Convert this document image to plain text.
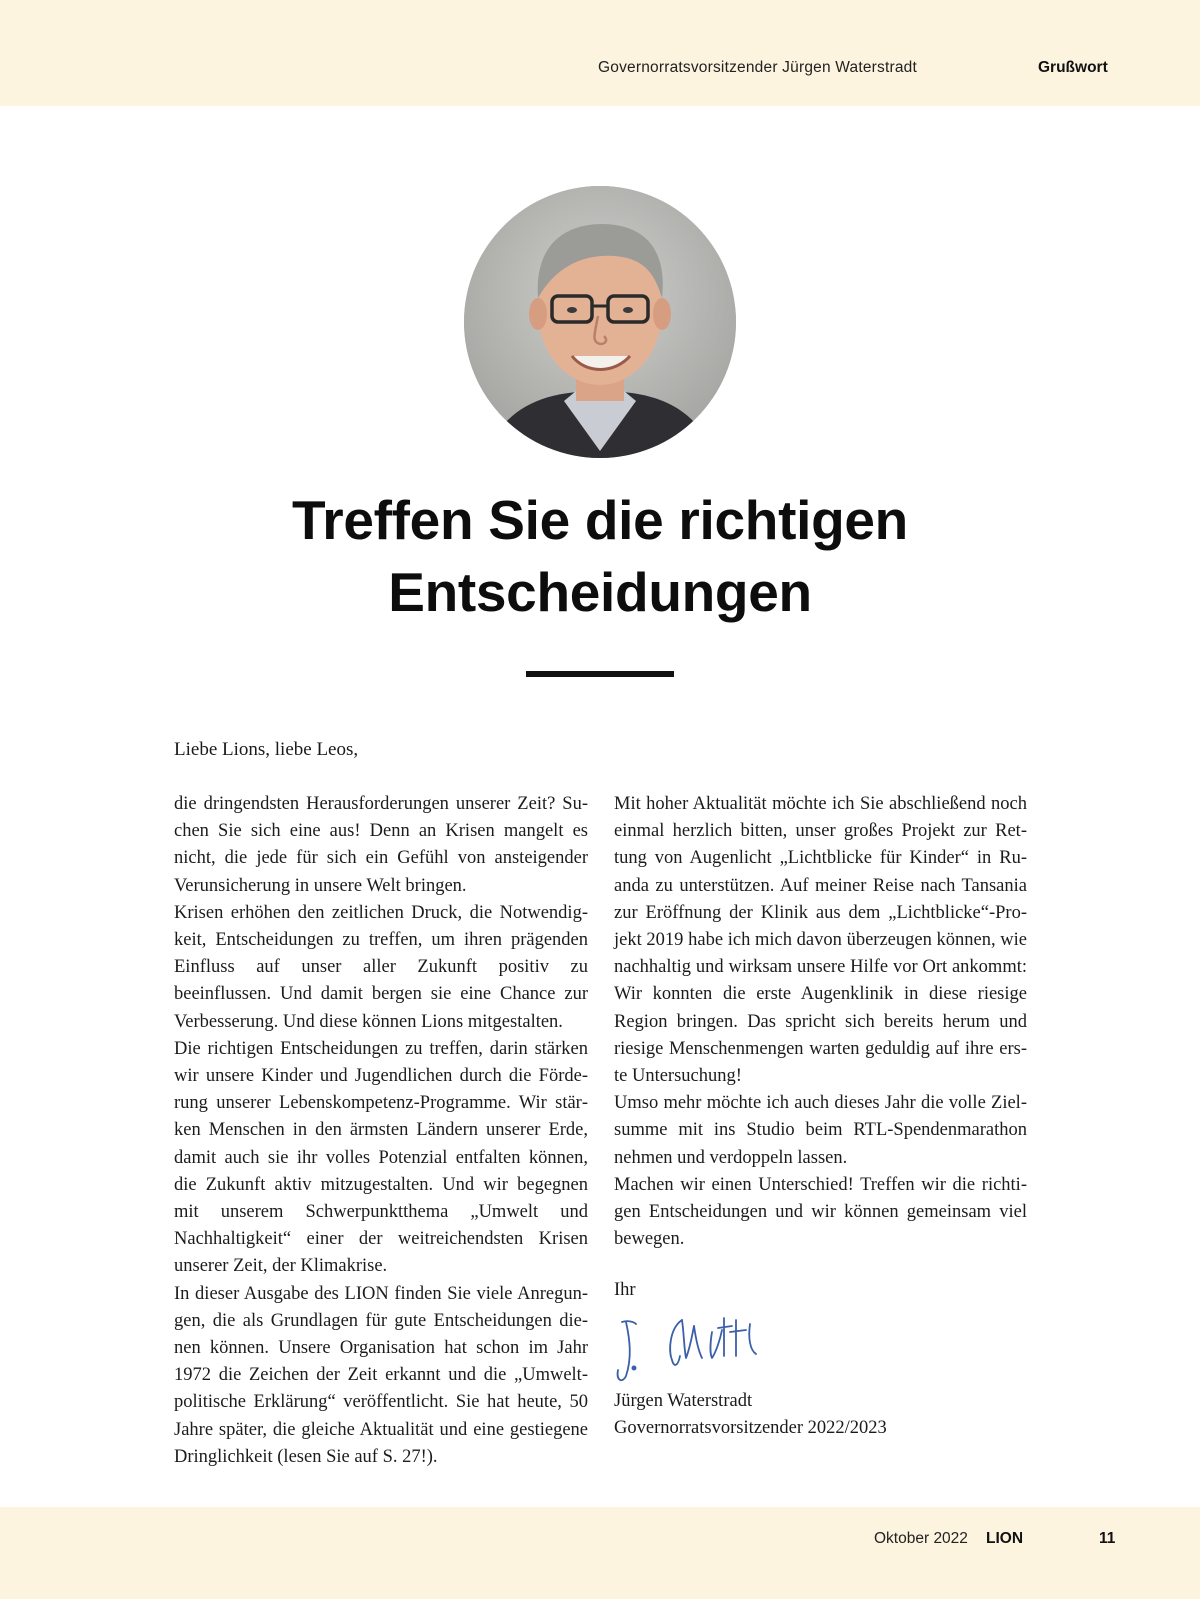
Governorratsvorsitzender Jürgen Waterstradt	Grußwort
Treffen Sie die richtigen
Entscheidungen
Liebe Lions, liebe Leos,

die dringendsten Herausforderungen unserer Zeit? Suchen Sie sich eine aus! Denn an Krisen mangelt es nicht, die jede für sich ein Gefühl von ansteigender Verunsicherung in unsere Welt bringen.

Krisen erhöhen den zeitlichen Druck, die Notwendigkeit, Entscheidungen zu treffen, um ihren prägenden Einfluss auf unser aller Zukunft positiv zu beeinflussen. Und damit bergen sie eine Chance zur Verbesserung. Und diese können Lions mitgestalten.

Die richtigen Entscheidungen zu treffen, darin stärken wir unsere Kinder und Jugendlichen durch die Förderung unserer Lebenskompetenz-Programme. Wir stärken Menschen in den ärmsten Ländern unserer Erde, damit auch sie ihr volles Potenzial entfalten können, die Zukunft aktiv mitzugestalten. Und wir begegnen mit unserem Schwerpunktthema „Umwelt und Nachhaltigkeit“ einer der weitreichendsten Krisen unserer Zeit, der Klimakrise.

In dieser Ausgabe des LION finden Sie viele Anregungen, die als Grundlagen für gute Entscheidungen dienen können. Unsere Organisation hat schon im Jahr 1972 die Zeichen der Zeit erkannt und die „Umweltpolitische Erklärung“ veröffentlicht. Sie hat heute, 50 Jahre später, die gleiche Aktualität und eine gestiegene Dringlichkeit (lesen Sie auf S. 27!).

Mit hoher Aktualität möchte ich Sie abschließend noch einmal herzlich bitten, unser großes Projekt zur Rettung von Augenlicht „Lichtblicke für Kinder“ in Ruanda zu unterstützen. Auf meiner Reise nach Tansania zur Eröffnung der Klinik aus dem „Lichtblicke“-Projekt 2019 habe ich mich davon überzeugen können, wie nachhaltig und wirksam unsere Hilfe vor Ort ankommt: Wir konnten die erste Augenklinik in diese riesige Region bringen. Das spricht sich bereits herum und riesige Menschenmengen warten geduldig auf ihre erste Untersuchung!

Umso mehr möchte ich auch dieses Jahr die volle Zielsumme mit ins Studio beim RTL-Spendenmarathon nehmen und verdoppeln lassen.

Machen wir einen Unterschied! Treffen wir die richtigen Entscheidungen und wir können gemeinsam viel bewegen.

Ihr
Jürgen Waterstradt
Governorratsvorsitzender 2022/2023
Oktober 2022 LION	11
